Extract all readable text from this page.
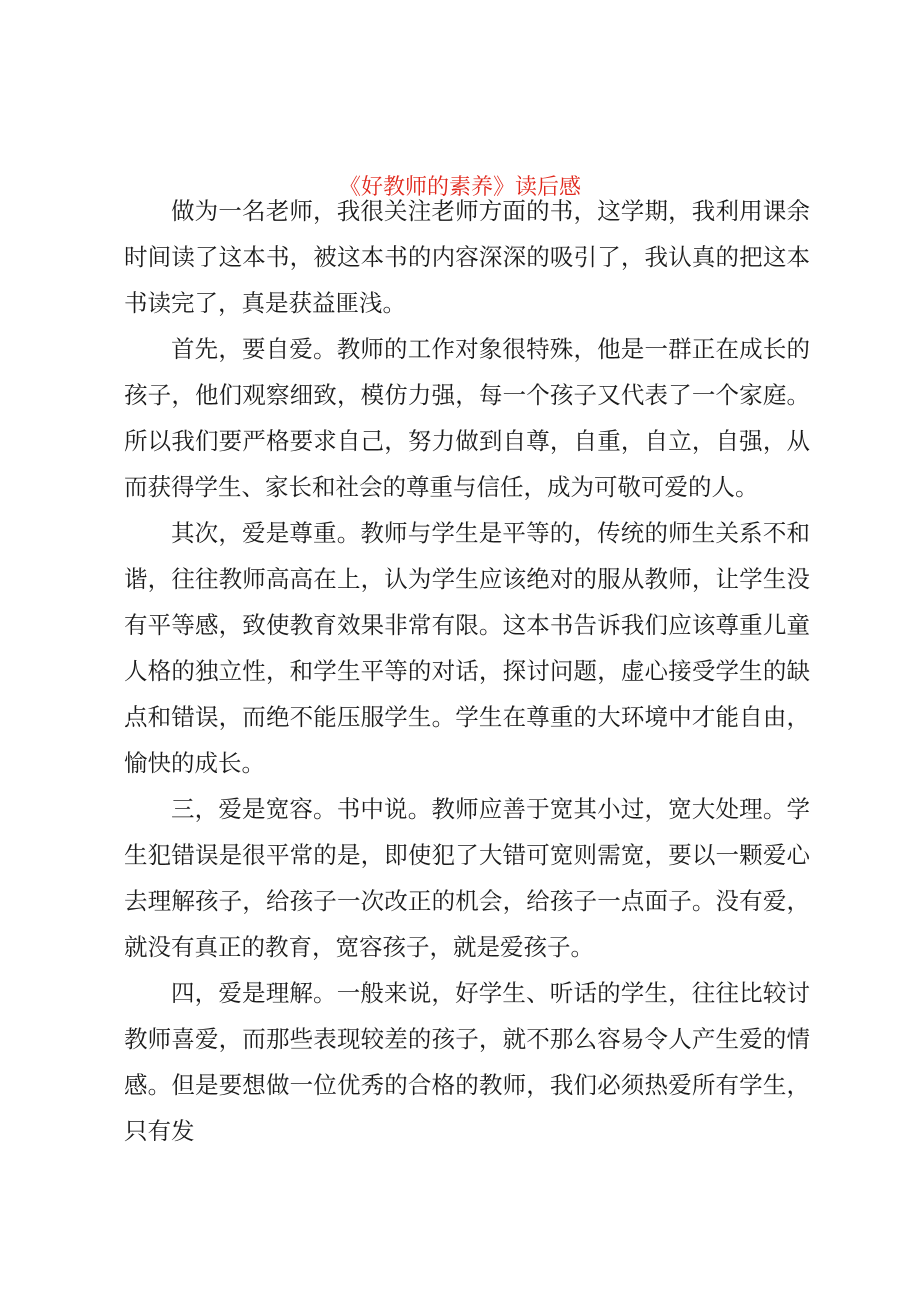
《好教师的素养》读后感

做为一名老师，我很关注老师方面的书，这学期，我利用课余时间读了这本书，被这本书的内容深深的吸引了，我认真的把这本书读完了，真是获益匪浅。

首先，要自爱。教师的工作对象很特殊，他是一群正在成长的孩子，他们观察细致，模仿力强，每一个孩子又代表了一个家庭。所以我们要严格要求自己，努力做到自尊，自重，自立，自强，从而获得学生、家长和社会的尊重与信任，成为可敬可爱的人。

其次，爱是尊重。教师与学生是平等的，传统的师生关系不和谐，往往教师高高在上，认为学生应该绝对的服从教师，让学生没有平等感，致使教育效果非常有限。这本书告诉我们应该尊重儿童人格的独立性，和学生平等的对话，探讨问题，虚心接受学生的缺点和错误，而绝不能压服学生。学生在尊重的大环境中才能自由，愉快的成长。

三，爱是宽容。书中说。教师应善于宽其小过，宽大处理。学生犯错误是很平常的是，即使犯了大错可宽则需宽，要以一颗爱心去理解孩子，给孩子一次改正的机会，给孩子一点面子。没有爱，就没有真正的教育，宽容孩子，就是爱孩子。

四，爱是理解。一般来说，好学生、听话的学生，往往比较讨教师喜爱，而那些表现较差的孩子，就不那么容易令人产生爱的情感。但是要想做一位优秀的合格的教师，我们必须热爱所有学生，只有发
